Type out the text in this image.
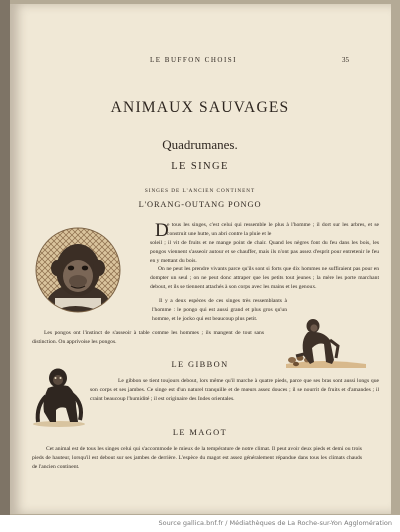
LE BUFFON CHOISI	35
ANIMAUX SAUVAGES
Quadrumanes.
LE SINGE
SINGES DE L'ANCIEN CONTINENT
L'ORANG-OUTANG PONGO
D
e tous les singes, c'est celui qui ressemble le plus à l'homme ; il dort sur les arbres, et se construit une hutte, un abri contre la pluie et le
soleil ; il vit de fruits et ne mange point de chair. Quand les nègres font du feu dans les bois, les pongos viennent s'asseoir autour et se chauffer, mais ils n'ont pas assez d'esprit pour entretenir le feu en y mettant du bois.
On ne peut les prendre vivants parce qu'ils sont si forts que dix hommes ne suffiraient pas pour en dompter un seul ; on ne peut donc attraper que les petits tout jeunes ; la mère les porte marchant debout, et ils se tiennent attachés à son corps avec les mains et les genoux.
Il y a deux espèces de ces singes très ressemblants à l'homme : le pongo qui est aussi grand et plus gros qu'un homme, et le jocko qui est beaucoup plus petit.
Les pongos ont l'instinct de s'asseoir à table comme les hommes ; ils mangent de tout sans distinction. On apprivoise les pongos.
LE GIBBON
Le gibbon se tient toujours debout, lors même qu'il marche à quatre pieds, parce que ses bras sont aussi longs que son corps et ses jambes. Ce singe est d'un naturel tranquille et de mœurs assez douces ; il se nourrit de fruits et d'amandes ; il craint beaucoup l'humidité ; il est originaire des Indes orientales.
LE MAGOT
Cet animal est de tous les singes celui qui s'accommode le mieux de la température de notre climat. Il peut avoir deux pieds et demi ou trois pieds de hauteur, lorsqu'il est debout sur ses jambes de derrière. L'espèce du magot est assez généralement répandue dans tous les climats chauds de l'ancien continent.
Source gallica.bnf.fr / Médiathèques de La Roche-sur-Yon Agglomération
